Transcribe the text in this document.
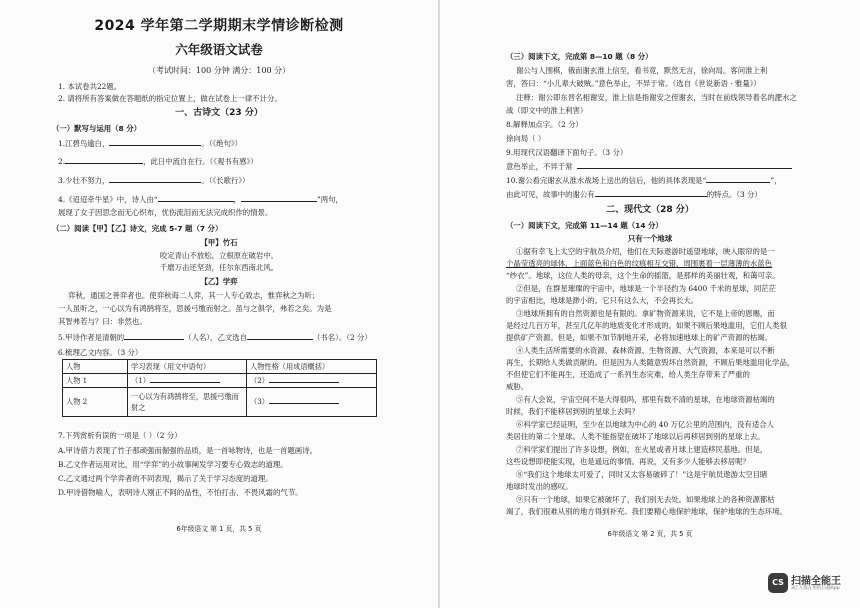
2024 学年第二学期期末学情诊断检测
六年级语文试卷
（考试时间：100 分钟 满分：100 分）
1. 本试卷共22题。
2. 请将所有答案做在答题纸的指定位置上，做在试卷上一律不计分。
一、古诗文（23 分）
（一）默写与运用（8 分）
1.江碧鸟逾白，	。（《绝句》）
2.	，此日中流自在行。（《观书有感》）
3.少壮不努力，	。（《长歌行》）
4.《迢迢牵牛星》中，诗人由“	，	”两句，
展现了女子因思念而无心织布，忧伤流泪而无法完成织作的情景。
（二）阅读【甲】【乙】诗文，完成 5-7 题（7 分）
【甲】竹石
咬定青山不放松，立根原在破岩中。
千磨万击还坚劲，任尔东西南北风。
【乙】学弈
弈秋，通国之善弈者也。使弈秋诲二人弈，其一人专心致志，惟弈秋之为听；
一人虽听之，一心以为有鸿鹄将至，思援弓缴而射之。虽与之俱学，弗若之矣。为是
其智弗若与？曰：非然也。
5.甲诗作者是清朝的	（人名），乙文选自	（书名）。（2 分）
6.梳理乙文内容。（3 分）
人物	学习表现（用文中语句）	人物性格（用成语概括）
人物 1	（1）	（2）
人物 2	一心以为有鸿鹄将至，思援弓缴而射之	（3）
7.下列赏析有误的一项是（ ）（2 分）
A.甲诗借力表现了竹子那顽强而倔强的品质，是一首咏物诗，也是一首题画诗。
B.乙文作者运用对比，用“学弈”的小故事阐发学习要专心致志的道理。
C.乙文通过两个学弈者的不同表现，揭示了关于学习态度的道理。
D.甲诗借物喻人，表明诗人刚正不阿的品性，不怕打击、不畏风霜的气节。
6年级语文 第 1 页，共 5 页
（三）阅读下文，完成第 8—10 题（8 分）
谢公与人围棋，俄而谢玄淮上信至，看书竟，默然无言，徐向局。客问淮上利
害，答曰：“小儿辈大破贼。”意色举止，不异于常。（选自《世说新语 · 雅量》）
注释：谢公即东晋名相谢安，淮上信是指谢安之侄谢玄，当时在前线领导着名的淝水之
战（即文中的淮上利害）
8.解释加点字。（2 分）
徐向局（ ）
9.用现代汉语翻译下面句子。（3 分）
意色举止，不异于常
10.谢公看完谢玄从淮水战场上送出的信后，他的具体表现是“	”，
由此可见，故事中的谢公有	的特点。（3 分）
二、现代文（28 分）
（一）阅读下文，完成第 11—14 题（14 分）
只有一个地球
①据有幸飞上太空的宇航员介绍，他们在天际遨游时遥望地球，映入眼帘的是一
个晶莹透亮的球体，上面蓝色和白色的纹痕相互交错，周围裹着一层薄薄的水蓝色
“纱衣”。地球，这位人类的母亲，这个生命的摇篮，是那样的美丽壮观，和蔼可亲。
②但是，在群星璀璨的宇宙中，地球是一个半径约为 6400 千米的星球，同茫茫
的宇宙相比，地球是渺小的。它只有这么大，不会再长大。
③地球所拥有的自然资源也是有限的。拿矿物资源来说，它不是上帝的恩赐，而
是经过几百万年，甚至几亿年的地质变化才形成的。如果不顾后果地滥用，它们人类很
提供矿产资源。但是，如果不加节制地开采，必将加速地球上的矿产资源的枯竭。
④人类生活所需要的水资源、森林资源、生物资源、大气资源，本来是可以不断
再生，长期给人类做贡献的。但是因为人类随意毁坏自然资源，不顾后果地滥用化学品，
不但使它们不能再生，还造成了一系列生态灾难，给人类生存带来了严重的
威胁。
⑤有人会说，宇宙空间不是大得很吗，那里有数不清的星球，在地球资源枯竭的
时候，我们不能移居到别的星球上去吗？
⑥科学家已经证明，至少在以地球为中心的 40 万亿公里的范围内，没有适合人
类居住的第二个星球。人类不能指望在破坏了地球以后再移居到别的星球上去。
⑦科学家们提出了许多设想，例如，在火星或者月球上建造移民基地。但是，
这些设想即使能实现，也是遥远的事情。再说，又有多少人能够去移居呢？
⑧“我们这个地球太可爱了，同时又太容易破碎了！”这是宇航员遨游太空目睹
地球时发出的感叹。
⑨只有一个地球，如果它被破坏了，我们别无去处。如果地球上的各种资源都枯
竭了，我们很难从别的地方得到补充。我们要精心地保护地球，保护地球的生态环境。
6年级语文 第 2 页，共 5 页
CS 扫描全能王
3亿人都在用的扫描App
